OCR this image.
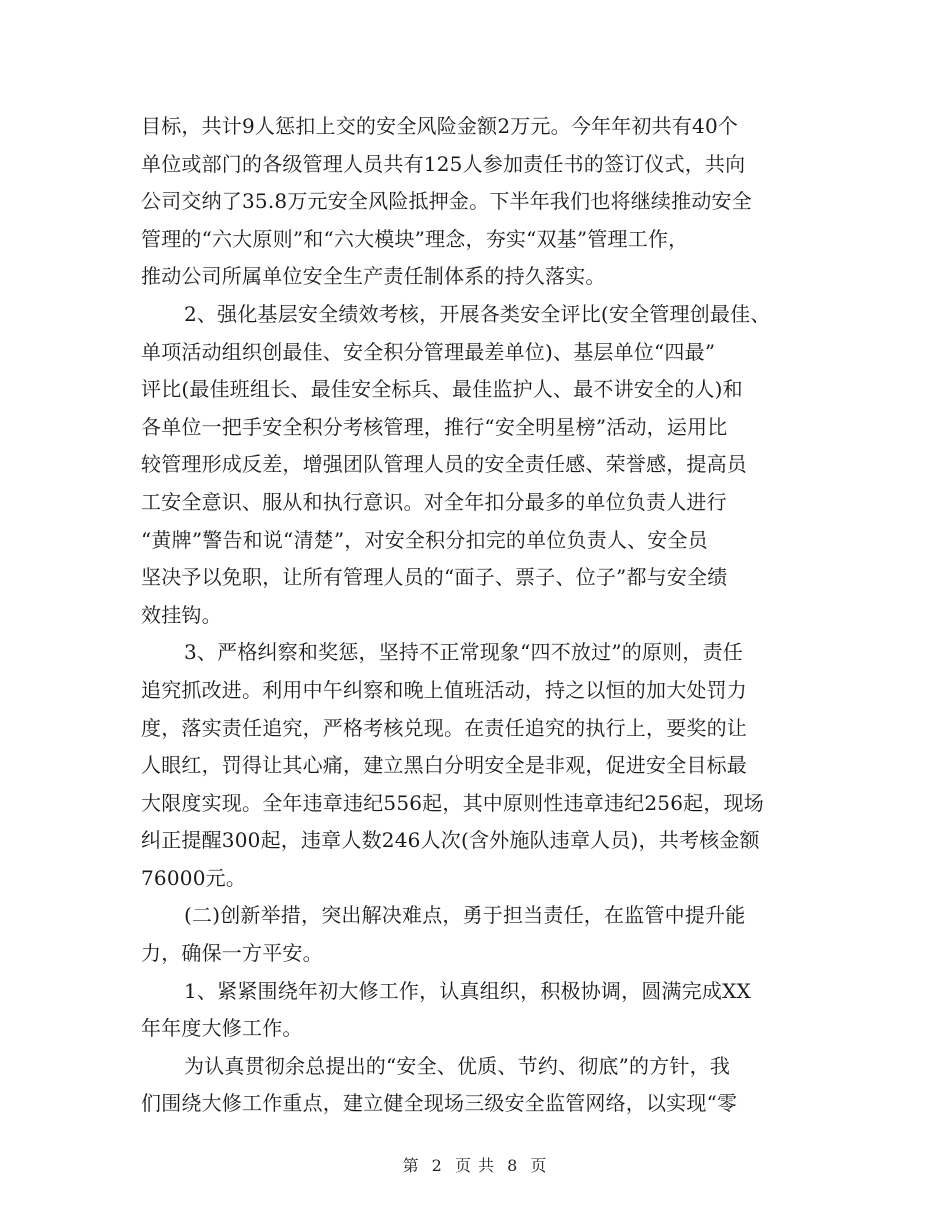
目标，共计9人惩扣上交的安全风险金额2万元。今年年初共有40个
单位或部门的各级管理人员共有125人参加责任书的签订仪式，共向
公司交纳了35.8万元安全风险抵押金。下半年我们也将继续推动安全
管理的“六大原则”和“六大模块”理念，夯实“双基”管理工作，
推动公司所属单位安全生产责任制体系的持久落实。
2、强化基层安全绩效考核，开展各类安全评比(安全管理创最佳、
单项活动组织创最佳、安全积分管理最差单位)、基层单位“四最”
评比(最佳班组长、最佳安全标兵、最佳监护人、最不讲安全的人)和
各单位一把手安全积分考核管理，推行“安全明星榜”活动，运用比
较管理形成反差，增强团队管理人员的安全责任感、荣誉感，提高员
工安全意识、服从和执行意识。对全年扣分最多的单位负责人进行
“黄牌”警告和说“清楚”，对安全积分扣完的单位负责人、安全员
坚决予以免职，让所有管理人员的“面子、票子、位子”都与安全绩
效挂钩。
3、严格纠察和奖惩，坚持不正常现象“四不放过”的原则，责任
追究抓改进。利用中午纠察和晚上值班活动，持之以恒的加大处罚力
度，落实责任追究，严格考核兑现。在责任追究的执行上，要奖的让
人眼红，罚得让其心痛，建立黑白分明安全是非观，促进安全目标最
大限度实现。全年违章违纪556起，其中原则性违章违纪256起，现场
纠正提醒300起，违章人数246人次(含外施队违章人员)，共考核金额
76000元。
(二)创新举措，突出解决难点，勇于担当责任，在监管中提升能
力，确保一方平安。
1、紧紧围绕年初大修工作，认真组织，积极协调，圆满完成XX
年年度大修工作。
为认真贯彻余总提出的“安全、优质、节约、彻底”的方针，我
们围绕大修工作重点，建立健全现场三级安全监管网络，以实现“零
第 2 页 共 8 页
